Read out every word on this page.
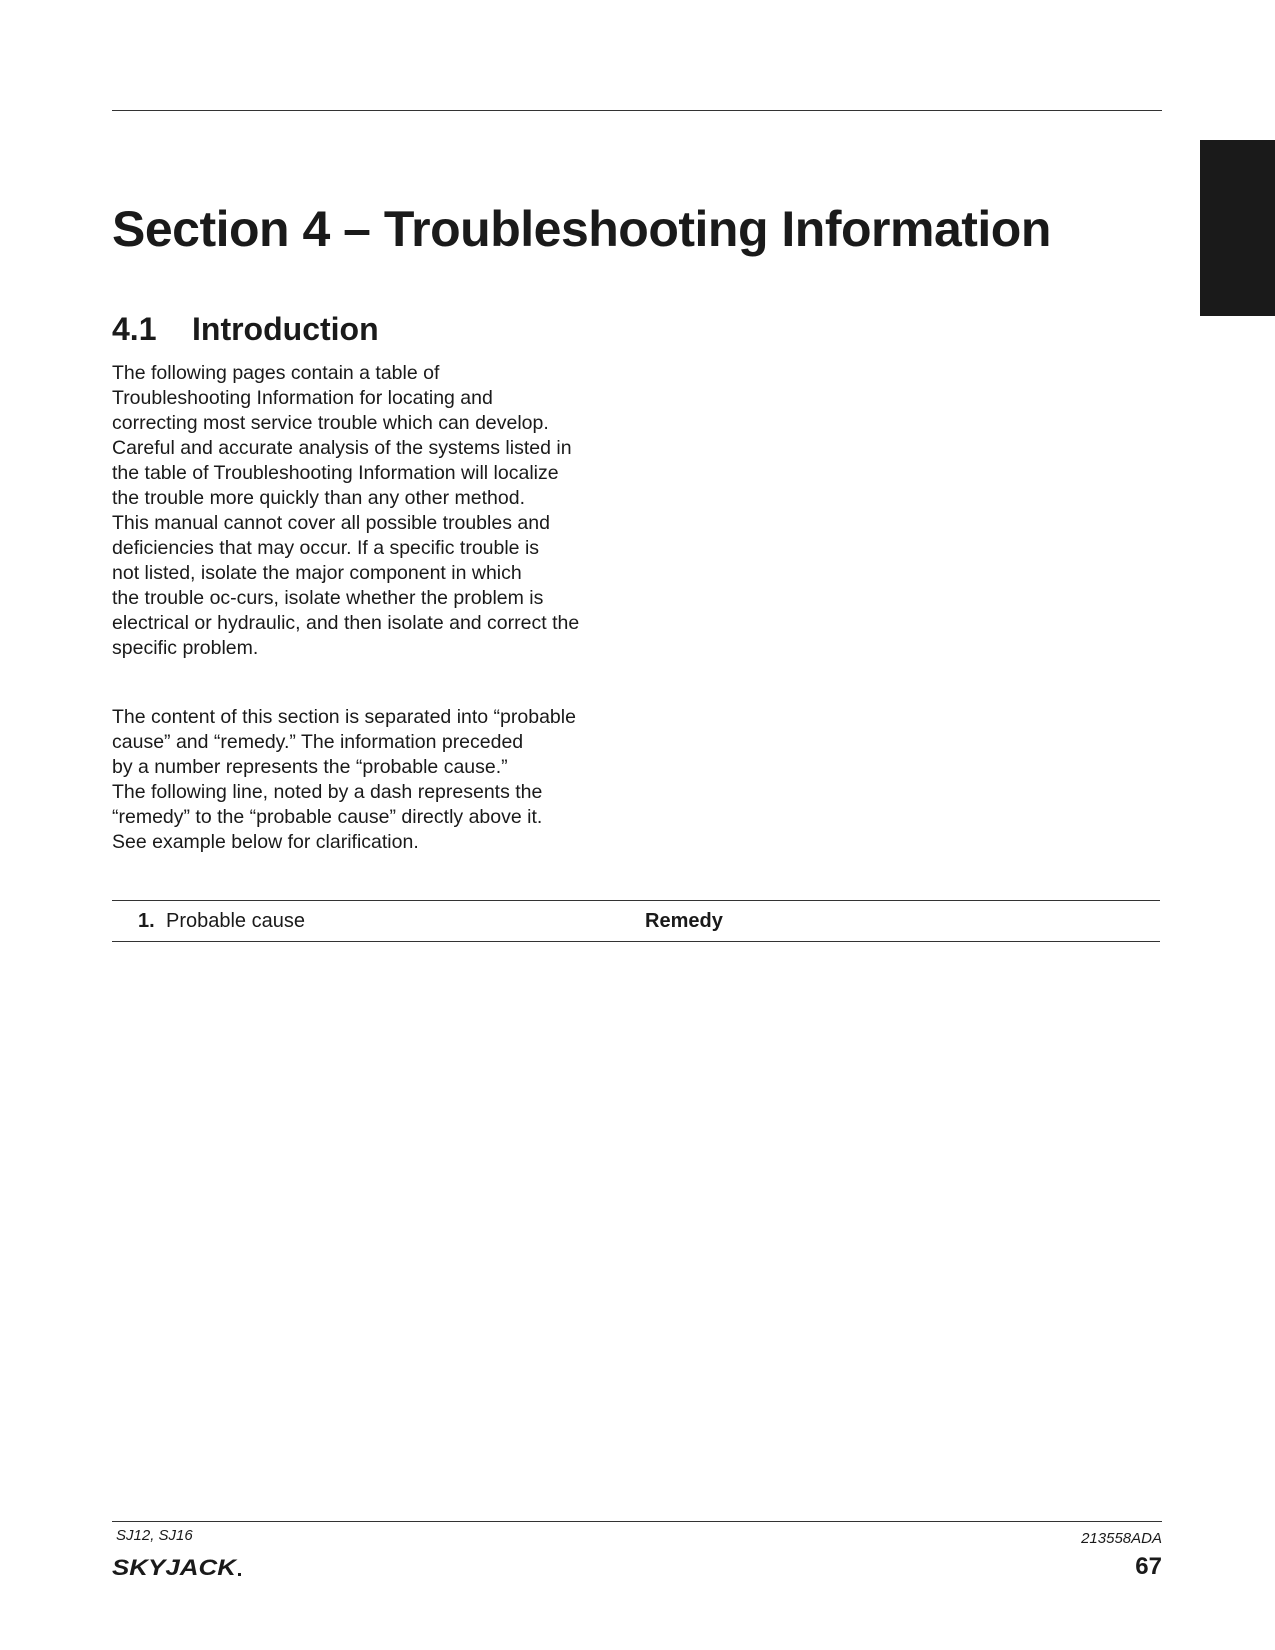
Section 4 – Troubleshooting Information
4.1 Introduction

The following pages contain a table of
Troubleshooting Information for locating and
correcting most service trouble which can develop.
Careful and accurate analysis of the systems listed in
the table of Troubleshooting Information will localize
the trouble more quickly than any other method.
This manual cannot cover all possible troubles and
deficiencies that may occur. If a specific trouble is
not listed, isolate the major component in which
the trouble oc-curs, isolate whether the problem is
electrical or hydraulic, and then isolate and correct the
specific problem.

The content of this section is separated into “probable
cause” and “remedy.” The information preceded
by a number represents the “probable cause.”
The following line, noted by a dash represents the
“remedy” to the “probable cause” directly above it.
See example below for clarification.

1. Probable cause	Remedy
SJ12, SJ16	213558ADA
67
SKYJACK
